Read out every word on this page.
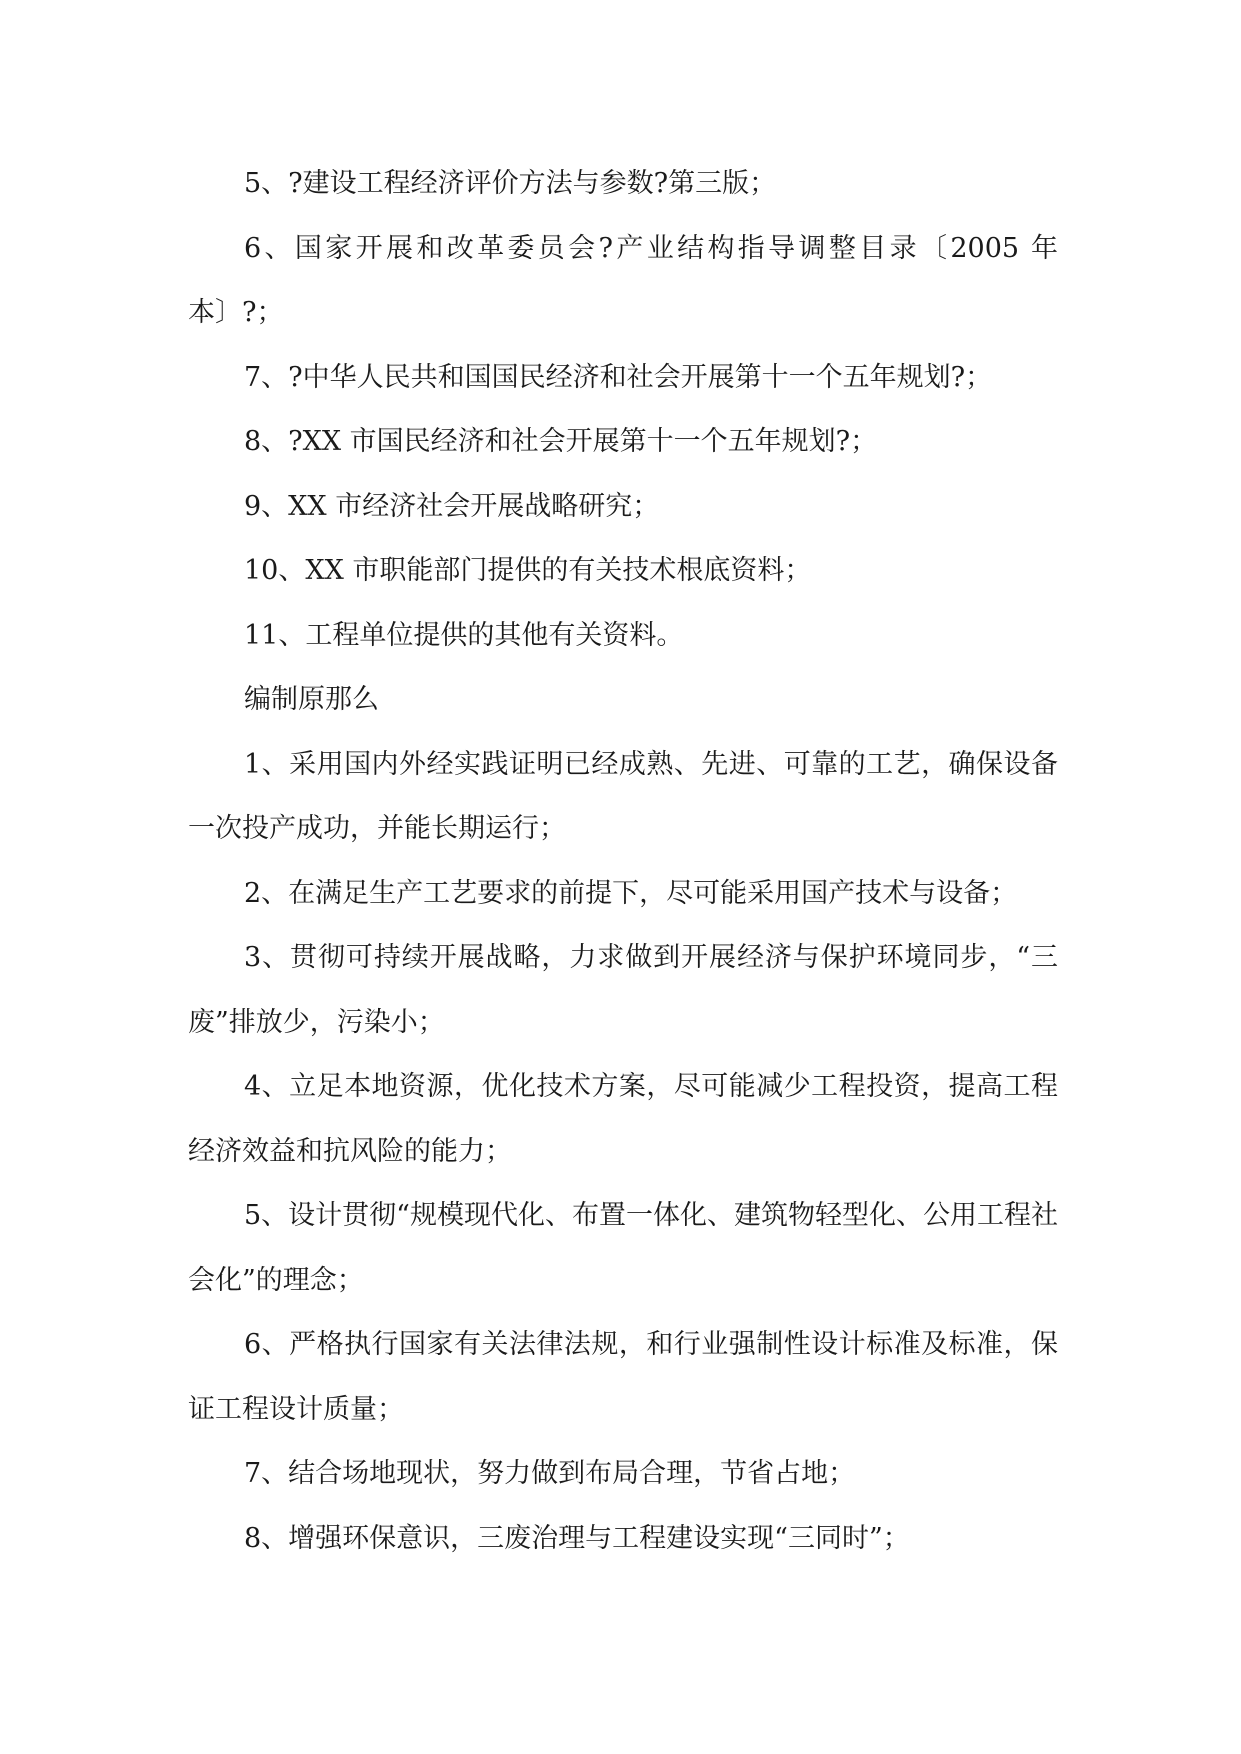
5、?建设工程经济评价方法与参数?第三版；

6、国家开展和改革委员会?产业结构指导调整目录〔2005 年本〕?；

7、?中华人民共和国国民经济和社会开展第十一个五年规划?；

8、?XX 市国民经济和社会开展第十一个五年规划?；

9、XX 市经济社会开展战略研究；

10、XX 市职能部门提供的有关技术根底资料；

11、工程单位提供的其他有关资料。

编制原那么

1、采用国内外经实践证明已经成熟、先进、可靠的工艺，确保设备一次投产成功，并能长期运行；

2、在满足生产工艺要求的前提下，尽可能采用国产技术与设备；

3、贯彻可持续开展战略，力求做到开展经济与保护环境同步，“三废”排放少，污染小；

4、立足本地资源，优化技术方案，尽可能减少工程投资，提高工程经济效益和抗风险的能力；

5、设计贯彻“规模现代化、布置一体化、建筑物轻型化、公用工程社会化”的理念；

6、严格执行国家有关法律法规，和行业强制性设计标准及标准，保证工程设计质量；

7、结合场地现状，努力做到布局合理，节省占地；

8、增强环保意识，三废治理与工程建设实现“三同时”；
